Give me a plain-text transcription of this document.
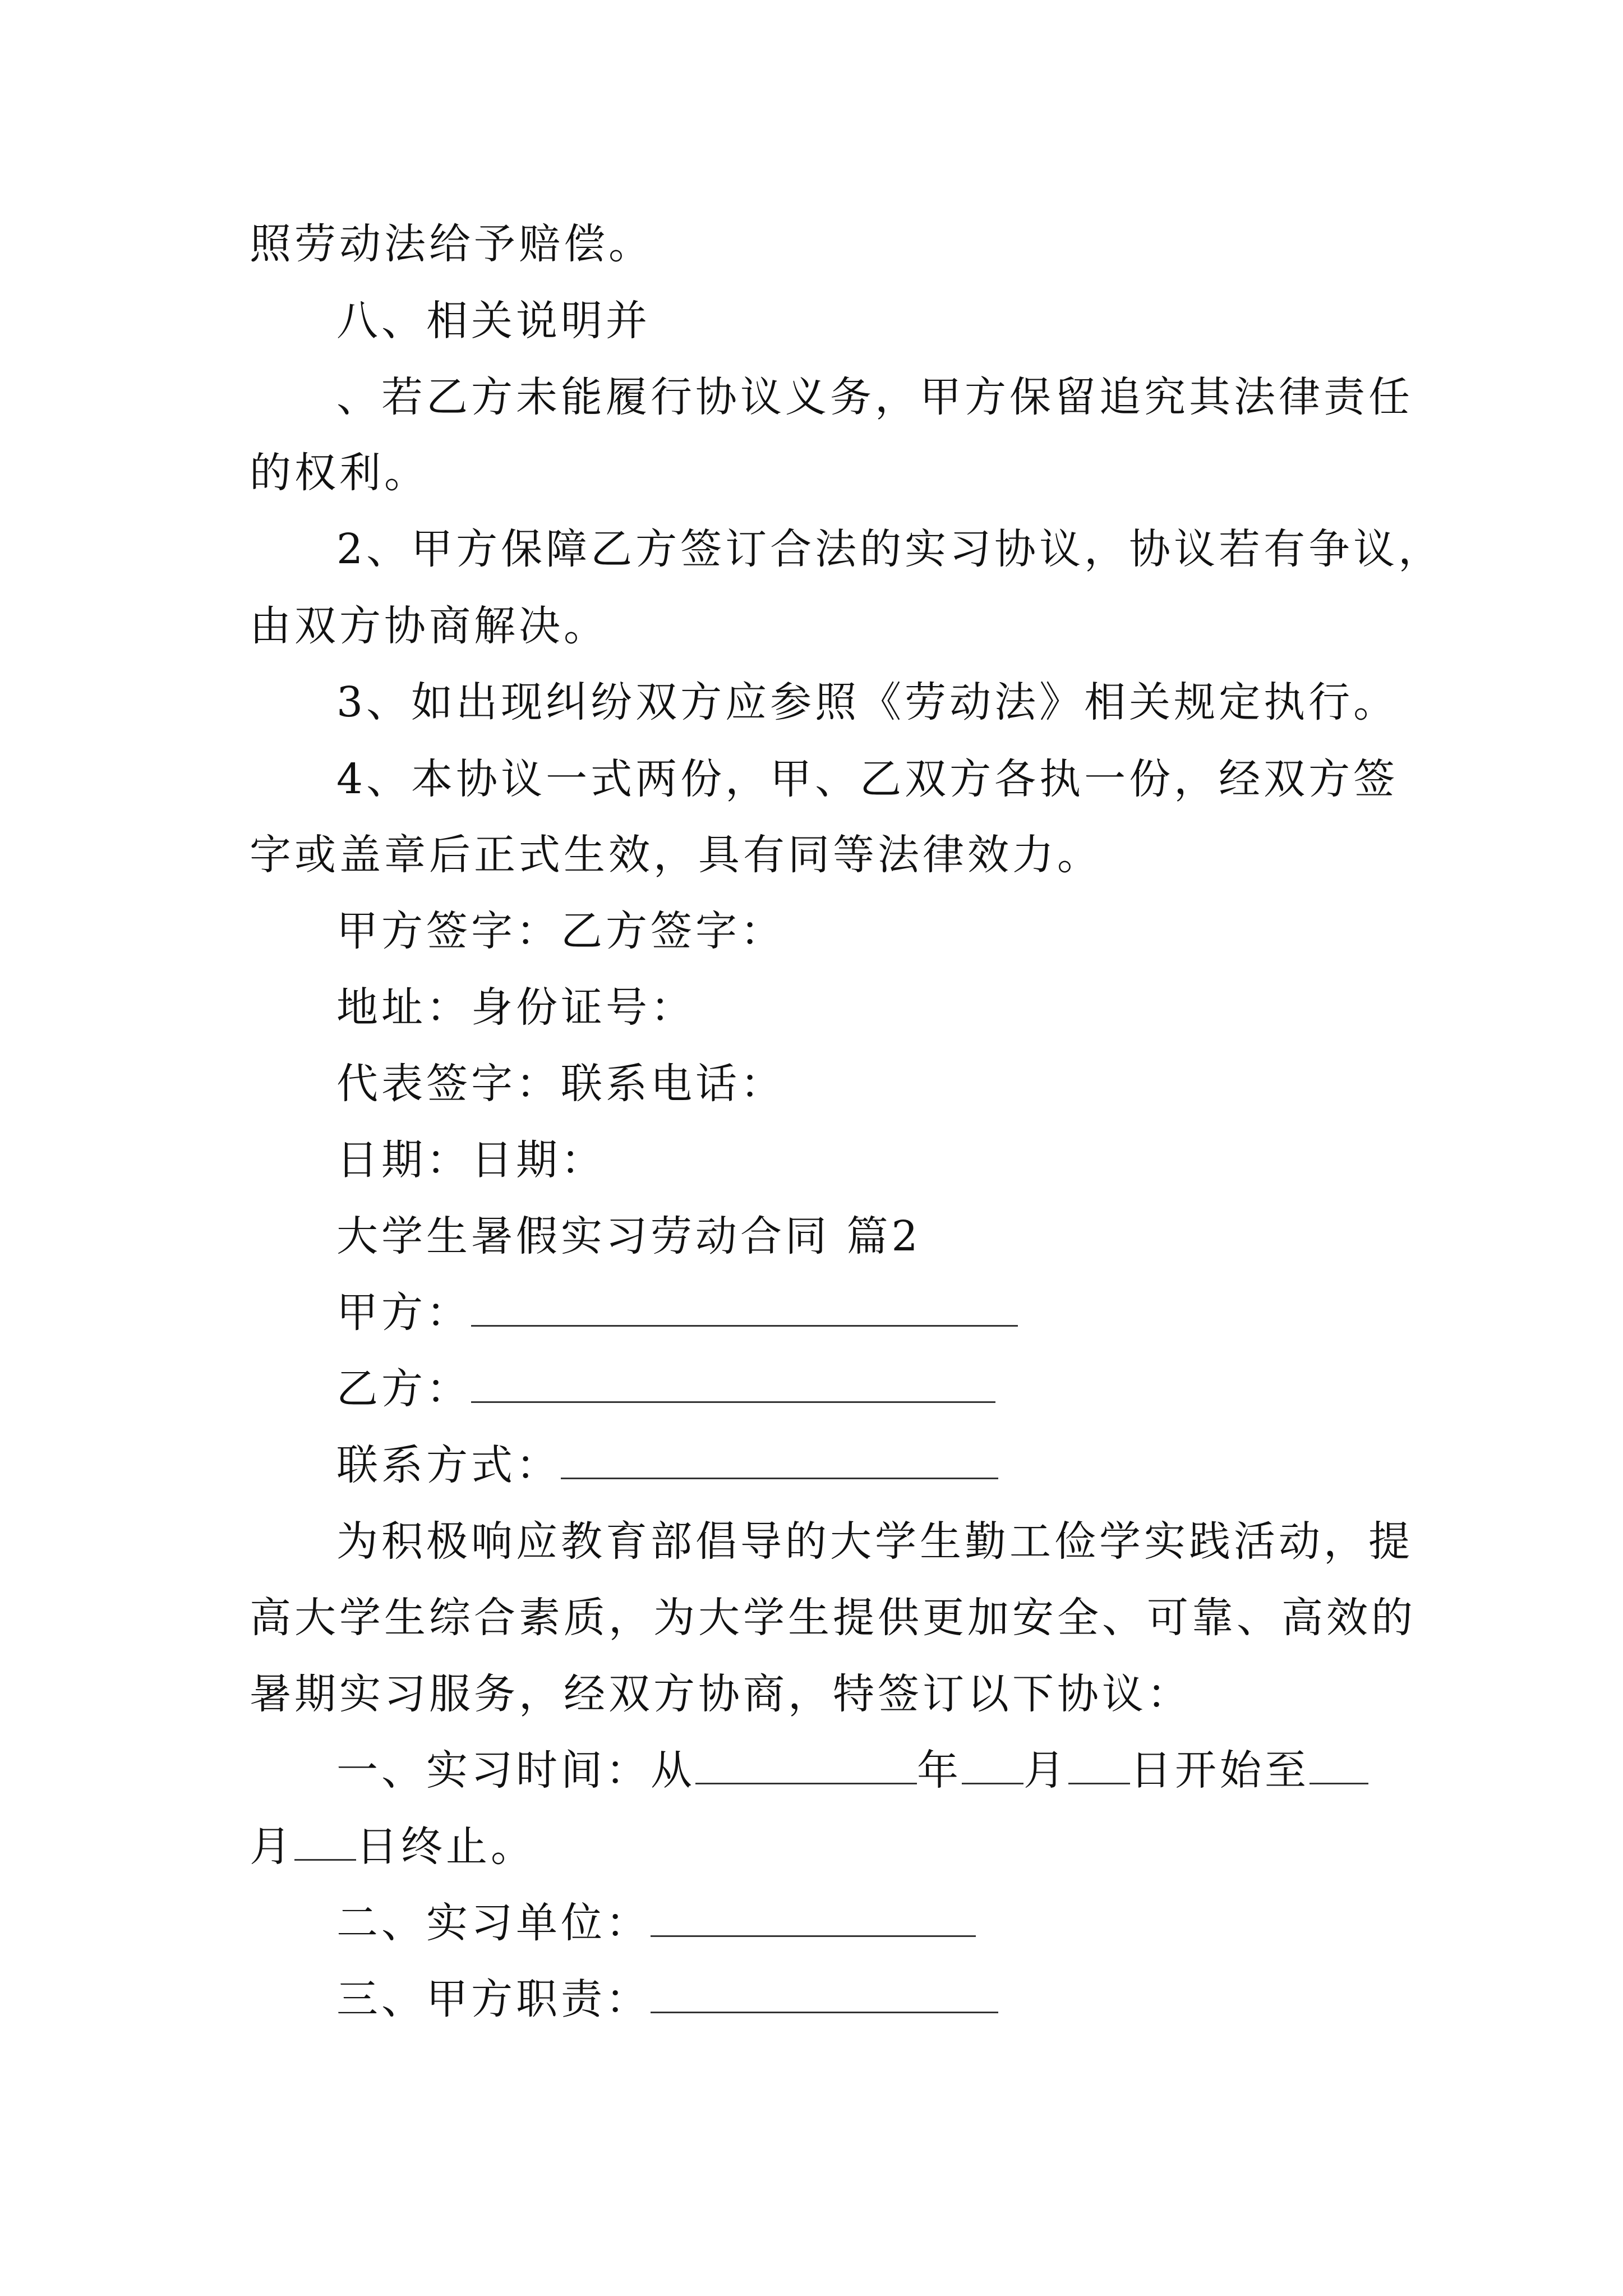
照劳动法给予赔偿。
八、相关说明并
、若乙方未能履行协议义务，甲方保留追究其法律责任
的权利。
2、甲方保障乙方签订合法的实习协议，协议若有争议，
由双方协商解决。
3、如出现纠纷双方应参照《劳动法》相关规定执行。
4、本协议一式两份，甲、乙双方各执一份，经双方签
字或盖章后正式生效，具有同等法律效力。
甲方签字：乙方签字：
地址：身份证号：
代表签字：联系电话：
日期：日期：
大学生暑假实习劳动合同 篇2
甲方：
乙方：
联系方式：
为积极响应教育部倡导的大学生勤工俭学实践活动，提
高大学生综合素质，为大学生提供更加安全、可靠、高效的
暑期实习服务，经双方协商，特签订以下协议：
一、实习时间：从	年 月 日开始至
月 日终止。
二、实习单位：
三、甲方职责：
